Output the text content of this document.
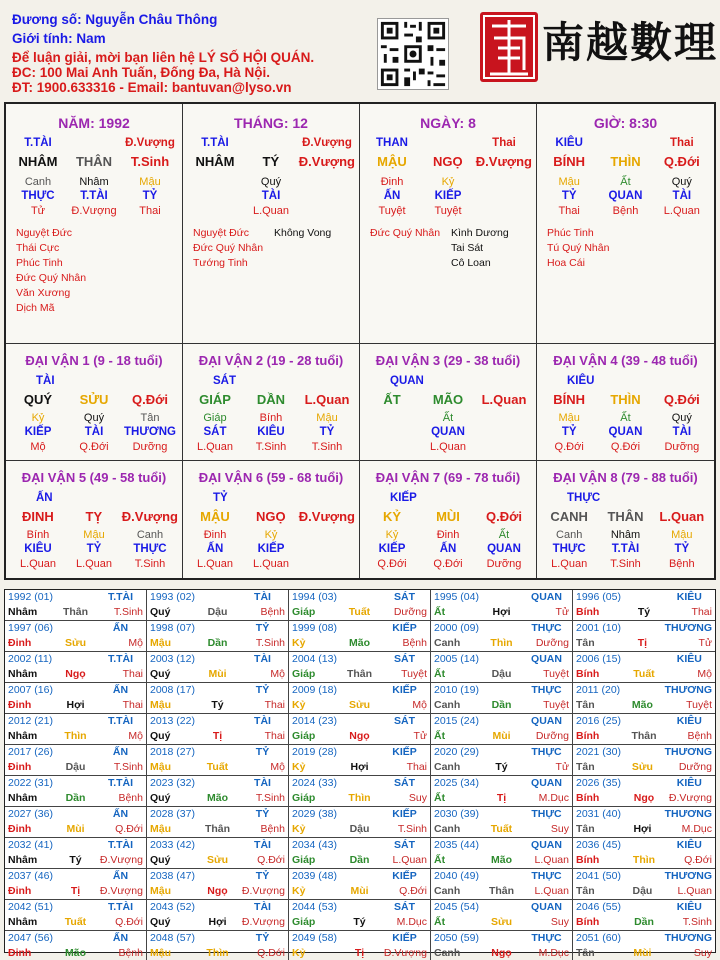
Đương số: Nguyễn Châu Thông
Giới tính: Nam
Để luận giải, mời bạn liên hệ LÝ SỐ HỘI QUÁN.
ĐC: 100 Mai Anh Tuấn, Đống Đa, Hà Nội.
ĐT: 1900.633316 - Email: bantuvan@lyso.vn
南越數理
NĂM: 1992
T.TÀI	Đ.Vượng
NHÂM	THÂN	T.Sinh
Canh	Nhâm	Mậu
THỰC	T.TÀI	TỶ
Tử	Đ.Vượng	Thai
Nguyệt Đức
Thái Cực
Phúc Tinh
Đức Quý Nhân
Văn Xương
Dịch Mã
THÁNG: 12
T.TÀI	Đ.Vượng
NHÂM	TÝ	Đ.Vượng
Quý
TÀI
L.Quan
Nguyệt Đức
Đức Quý Nhân
Tướng Tinh
Không Vong
NGÀY: 8
THAN	Thai
MẬU	NGỌ	Đ.Vượng
Đinh	Kỷ
ẤN	KIẾP
Tuyệt	Tuyệt
Đức Quý Nhân	Kình Dương
Tai Sát
Cô Loan
GIỜ: 8:30
KIÊU	Thai
BÍNH	THÌN	Q.Đới
Mậu	Ất	Quý
TỶ	QUAN	TÀI
Thai	Bệnh	L.Quan
Phúc Tinh
Tú Quý Nhân
Hoa Cái
ĐẠI VẬN 1 (9 - 18 tuổi)
TÀI
QUÝ	SỬU	Q.Đới
Kỷ	Quý	Tân
KIẾP	TÀI	THƯƠNG
Mộ	Q.Đới	Dưỡng
ĐẠI VẬN 2 (19 - 28 tuổi)
SÁT
GIÁP	DẦN	L.Quan
Giáp	Bính	Mậu
SÁT	KIÊU	TỶ
L.Quan	T.Sinh	T.Sinh
ĐẠI VẬN 3 (29 - 38 tuổi)
QUAN
ẤT	MÃO	L.Quan
Ất
QUAN
L.Quan
ĐẠI VẬN 4 (39 - 48 tuổi)
KIÊU
BÍNH	THÌN	Q.Đới
Mậu	Ất	Quý
TỶ	QUAN	TÀI
Q.Đới	Q.Đới	Dưỡng
ĐẠI VẬN 5 (49 - 58 tuổi)
ẤN
ĐINH	TỴ	Đ.Vượng
Bính	Mậu	Canh
KIÊU	TỶ	THỰC
L.Quan	L.Quan	T.Sinh
ĐẠI VẬN 6 (59 - 68 tuổi)
TỶ
MẬU	NGỌ	Đ.Vượng
Đinh	Kỷ
ẤN	KIẾP
L.Quan	L.Quan
ĐẠI VẬN 7 (69 - 78 tuổi)
KIẾP
KỶ	MÙI	Q.Đới
Kỷ	Đinh	Ất
KIẾP	ẤN	QUAN
Q.Đới	Q.Đới	Dưỡng
ĐẠI VẬN 8 (79 - 88 tuổi)
THỰC
CANH	THÂN	L.Quan
Canh	Nhâm	Mậu
THỰC	T.TÀI	TỶ
L.Quan	T.Sinh	Bệnh
1992 (01)	T.TÀI
Nhâm	Thân	T.Sinh
1993 (02)	TÀI
Quý	Dậu	Bệnh
1994 (03)	SÁT
Giáp	Tuất	Dưỡng
1995 (04)	QUAN
Ất	Hợi	Tử
1996 (05)	KIÊU
Bính	Tý	Thai
1997 (06)	ẤN
Đinh	Sửu	Mộ
1998 (07)	TỶ
Mậu	Dần	T.Sinh
1999 (08)	KIẾP
Kỷ	Mão	Bệnh
2000 (09)	THỰC
Canh	Thìn	Dưỡng
2001 (10)	THƯƠNG
Tân	Tị	Tử
2002 (11)	T.TÀI
Nhâm	Ngọ	Thai
2003 (12)	TÀI
Quý	Mùi	Mộ
2004 (13)	SÁT
Giáp	Thân	Tuyệt
2005 (14)	QUAN
Ất	Dậu	Tuyệt
2006 (15)	KIÊU
Bính	Tuất	Mộ
2007 (16)	ẤN
Đinh	Hợi	Thai
2008 (17)	TỶ
Mậu	Tý	Thai
2009 (18)	KIẾP
Kỷ	Sửu	Mộ
2010 (19)	THỰC
Canh	Dần	Tuyệt
2011 (20)	THƯƠNG
Tân	Mão	Tuyệt
2012 (21)	T.TÀI
Nhâm	Thìn	Mộ
2013 (22)	TÀI
Quý	Tị	Thai
2014 (23)	SÁT
Giáp	Ngọ	Tử
2015 (24)	QUAN
Ất	Mùi	Dưỡng
2016 (25)	KIÊU
Bính	Thân	Bệnh
2017 (26)	ẤN
Đinh	Dậu	T.Sinh
2018 (27)	TỶ
Mậu	Tuất	Mộ
2019 (28)	KIẾP
Kỷ	Hợi	Thai
2020 (29)	THỰC
Canh	Tý	Tử
2021 (30)	THƯƠNG
Tân	Sửu	Dưỡng
2022 (31)	T.TÀI
Nhâm	Dần	Bệnh
2023 (32)	TÀI
Quý	Mão	T.Sinh
2024 (33)	SÁT
Giáp	Thìn	Suy
2025 (34)	QUAN
Ất	Tị	M.Dục
2026 (35)	KIÊU
Bính	Ngọ	Đ.Vượng
2027 (36)	ẤN
Đinh	Mùi	Q.Đới
2028 (37)	TỶ
Mậu	Thân	Bệnh
2029 (38)	KIẾP
Kỷ	Dậu	T.Sinh
2030 (39)	THỰC
Canh	Tuất	Suy
2031 (40)	THƯƠNG
Tân	Hợi	M.Dục
2032 (41)	T.TÀI
Nhâm	Tý	Đ.Vượng
2033 (42)	TÀI
Quý	Sửu	Q.Đới
2034 (43)	SÁT
Giáp	Dần	L.Quan
2035 (44)	QUAN
Ất	Mão	L.Quan
2036 (45)	KIÊU
Bính	Thìn	Q.Đới
2037 (46)	ẤN
Đinh	Tị	Đ.Vượng
2038 (47)	TỶ
Mậu	Ngọ	Đ.Vượng
2039 (48)	KIẾP
Kỷ	Mùi	Q.Đới
2040 (49)	THỰC
Canh	Thân	L.Quan
2041 (50)	THƯƠNG
Tân	Dậu	L.Quan
2042 (51)	T.TÀI
Nhâm	Tuất	Q.Đới
2043 (52)	TÀI
Quý	Hợi	Đ.Vượng
2044 (53)	SÁT
Giáp	Tý	M.Dục
2045 (54)	QUAN
Ất	Sửu	Suy
2046 (55)	KIÊU
Bính	Dần	T.Sinh
2047 (56)	ẤN
Đinh	Mão	Bệnh
2048 (57)	TỶ
Mậu	Thìn	Q.Đới
2049 (58)	KIẾP
Kỷ	Tị	Đ.Vượng
2050 (59)	THỰC
Canh	Ngọ	M.Dục
2051 (60)	THƯƠNG
Tân	Mùi	Suy
